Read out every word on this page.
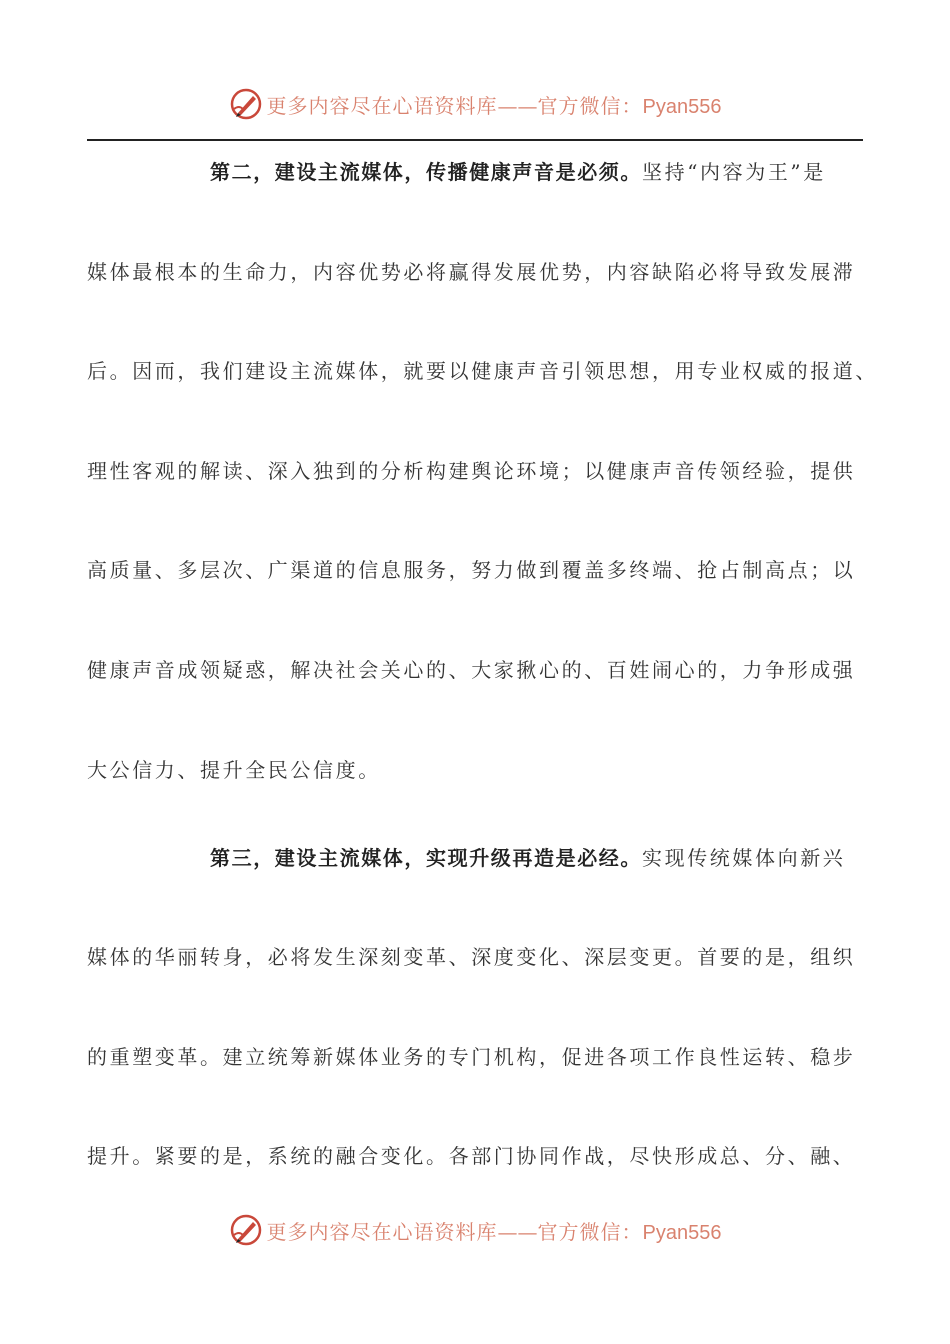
更多内容尽在心语资料库——官方微信：Pyan556
第二，建设主流媒体，传播健康声音是必须。坚持“内容为王”是
媒体最根本的生命力，内容优势必将赢得发展优势，内容缺陷必将导致发展滞
后。因而，我们建设主流媒体，就要以健康声音引领思想，用专业权威的报道、
理性客观的解读、深入独到的分析构建舆论环境；以健康声音传领经验，提供
高质量、多层次、广渠道的信息服务，努力做到覆盖多终端、抢占制高点；以
健康声音成领疑惑，解决社会关心的、大家揪心的、百姓闹心的，力争形成强
大公信力、提升全民公信度。
第三，建设主流媒体，实现升级再造是必经。实现传统媒体向新兴
媒体的华丽转身，必将发生深刻变革、深度变化、深层变更。首要的是，组织
的重塑变革。建立统筹新媒体业务的专门机构，促进各项工作良性运转、稳步
提升。紧要的是，系统的融合变化。各部门协同作战，尽快形成总、分、融、
更多内容尽在心语资料库——官方微信：Pyan556
